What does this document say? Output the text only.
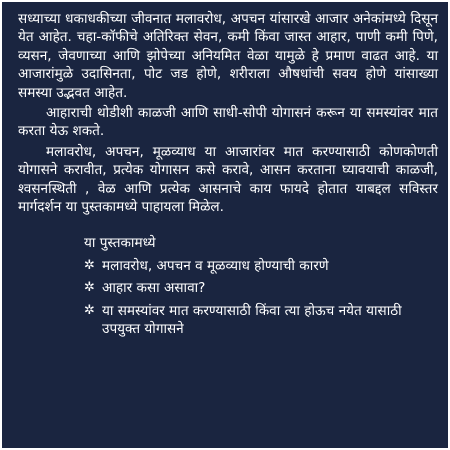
सध्याच्या धकाधकीच्या जीवनात मलावरोध, अपचन यांसारखे आजार अनेकांमध्ये दिसून येत आहेत. चहा-कॉफीचे अतिरिक्त सेवन, कमी किंवा जास्त आहार, पाणी कमी पिणे, व्यसन, जेवणाच्या आणि झोपेच्या अनियमित वेळा यामुळे हे प्रमाण वाढत आहे. या आजारांमुळे उदासिनता, पोट जड होणे, शरीराला औषधांची सवय होणे यांसाख्या समस्या उद्भवत आहेत.

आहाराची थोडीशी काळजी आणि साधी-सोपी योगासनं करून या समस्यांवर मात करता येऊ शकते.

मलावरोध, अपचन, मूळव्याध या आजारांवर मात करण्यासाठी कोणकोणती योगासने करावीत, प्रत्येक योगासन कसे करावे, आसन करताना घ्यावयाची काळजी, श्वसनस्थिती , वेळ आणि प्रत्येक आसनाचे काय फायदे होतात याबद्दल सविस्तर मार्गदर्शन या पुस्तकामध्ये पाहायला मिळेल.

या पुस्तकामध्ये

✲ मलावरोध, अपचन व मूळव्याध होण्याची कारणे
✲ आहार कसा असावा?
✲ या समस्यांवर मात करण्यासाठी किंवा त्या होऊच नयेत यासाठी उपयुक्त योगासने
